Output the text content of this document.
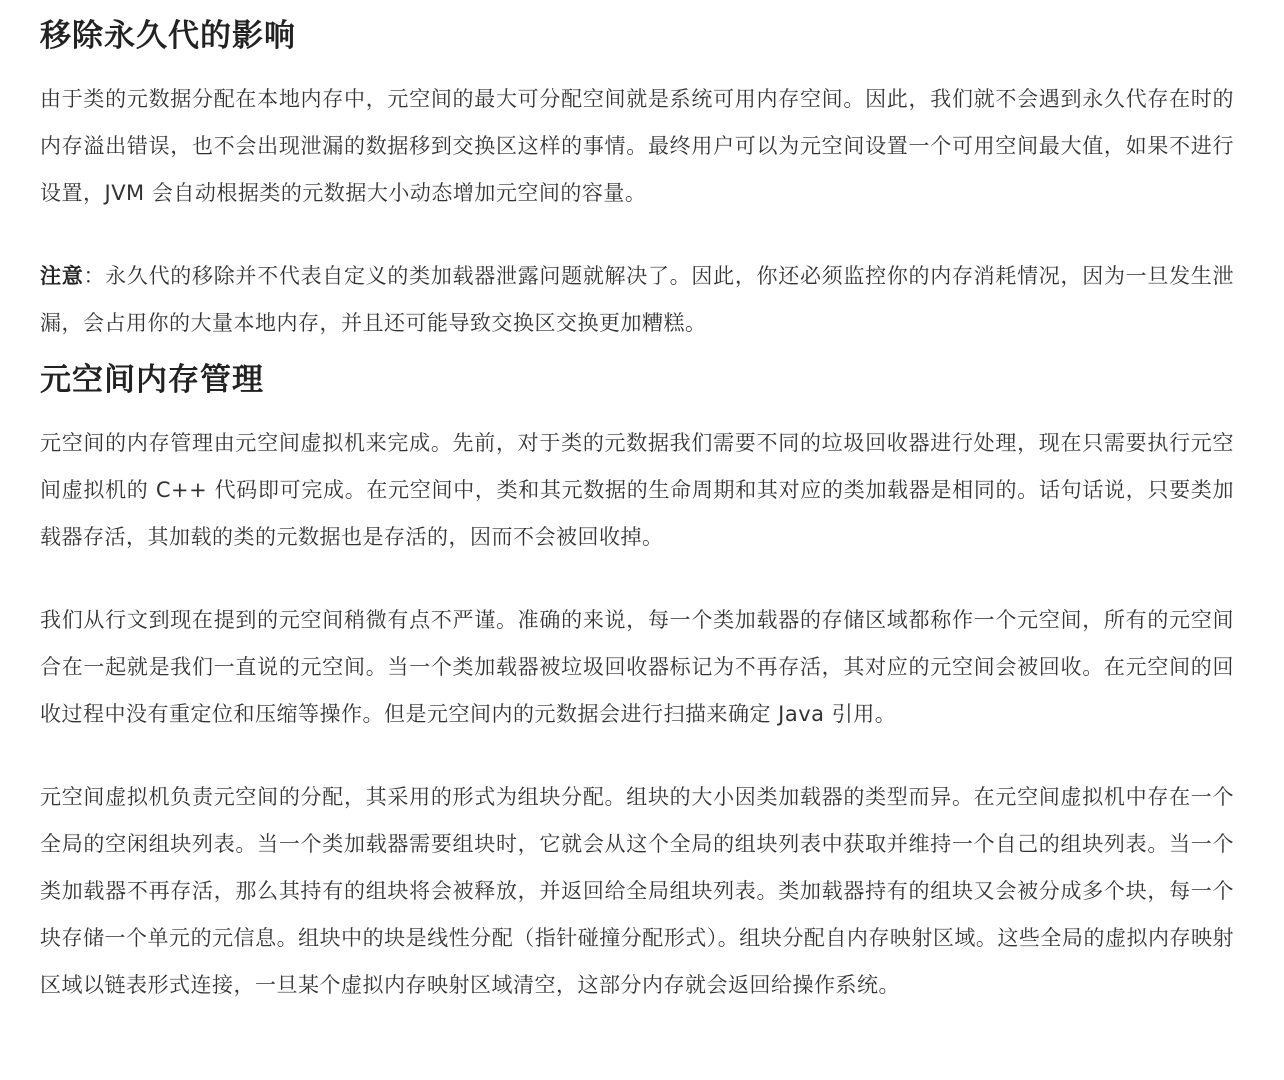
移除永久代的影响

由于类的元数据分配在本地内存中，元空间的最大可分配空间就是系统可用内存空间。因此，我们就不会遇到永久代存在时的内存溢出错误，也不会出现泄漏的数据移到交换区这样的事情。最终用户可以为元空间设置一个可用空间最大值，如果不进行设置，JVM 会自动根据类的元数据大小动态增加元空间的容量。

注意：永久代的移除并不代表自定义的类加载器泄露问题就解决了。因此，你还必须监控你的内存消耗情况，因为一旦发生泄漏，会占用你的大量本地内存，并且还可能导致交换区交换更加糟糕。

元空间内存管理

元空间的内存管理由元空间虚拟机来完成。先前，对于类的元数据我们需要不同的垃圾回收器进行处理，现在只需要执行元空间虚拟机的 C++ 代码即可完成。在元空间中，类和其元数据的生命周期和其对应的类加载器是相同的。话句话说，只要类加载器存活，其加载的类的元数据也是存活的，因而不会被回收掉。

我们从行文到现在提到的元空间稍微有点不严谨。准确的来说，每一个类加载器的存储区域都称作一个元空间，所有的元空间合在一起就是我们一直说的元空间。当一个类加载器被垃圾回收器标记为不再存活，其对应的元空间会被回收。在元空间的回收过程中没有重定位和压缩等操作。但是元空间内的元数据会进行扫描来确定 Java 引用。

元空间虚拟机负责元空间的分配，其采用的形式为组块分配。组块的大小因类加载器的类型而异。在元空间虚拟机中存在一个全局的空闲组块列表。当一个类加载器需要组块时，它就会从这个全局的组块列表中获取并维持一个自己的组块列表。当一个类加载器不再存活，那么其持有的组块将会被释放，并返回给全局组块列表。类加载器持有的组块又会被分成多个块，每一个块存储一个单元的元信息。组块中的块是线性分配（指针碰撞分配形式）。组块分配自内存映射区域。这些全局的虚拟内存映射区域以链表形式连接，一旦某个虚拟内存映射区域清空，这部分内存就会返回给操作系统。
